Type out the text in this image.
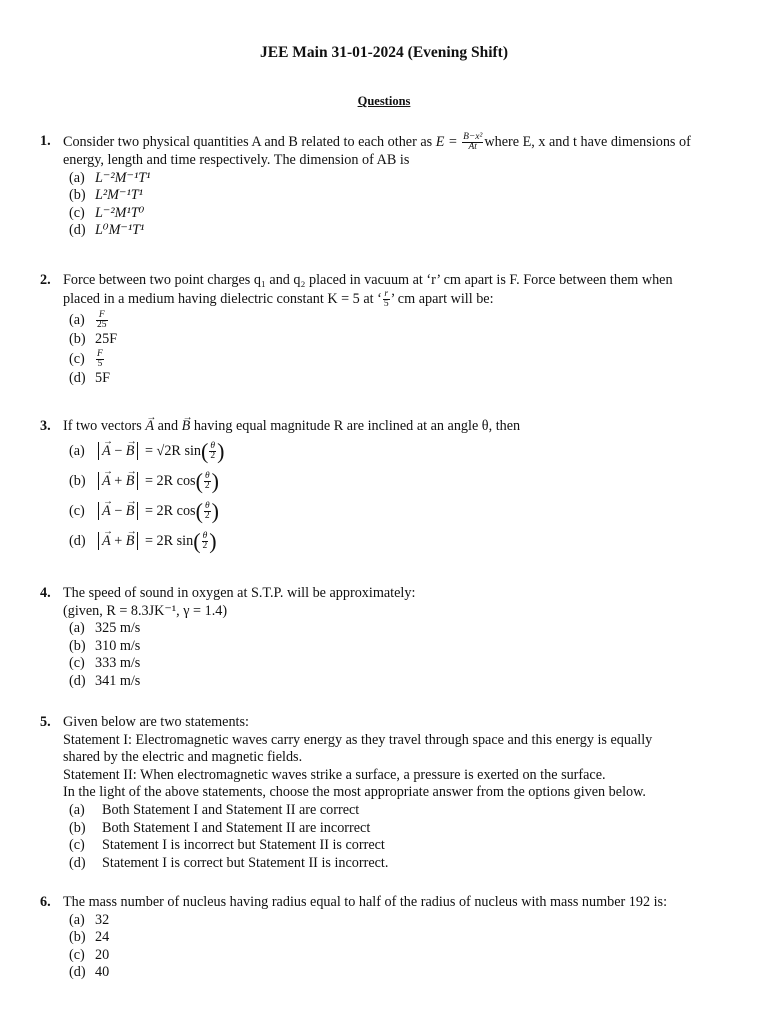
JEE Main 31-01-2024 (Evening Shift)
Questions
1. Consider two physical quantities A and B related to each other as $E = \frac{\text{B−x²}}{At}$ where E, x and t have dimensions of energy, length and time respectively. The dimension of AB is
(a) L⁻²M⁻¹T¹
(b) L²M⁻¹T¹
(c) L⁻²M¹T⁰
(d) L⁰M⁻¹T¹
2. Force between two point charges q₁ and q₂ placed in vacuum at ‘r’ cm apart is F. Force between them when
placed in a medium having dielectric constant K = 5 at ‘ $\frac{r}{5}$ ’ cm apart will be:
$(a) \frac{F}{25}$
(b) 25F
$(c) \frac{F}{5}$
(d) 5F
3. If two vectors → A and → B having equal magnitude R are inclined at an angle θ, then
(a) → A − → B = √2R $\sin( \frac{\theta}{2}$ )
(b) → A + → B = 2R $\cos( \frac{\theta}{2}$ )
(c) → A − → B = 2R $\cos( \frac{\theta}{2}$ )
(d) → A + → B = 2R $\sin( \frac{\theta}{2}$ )
4. The speed of sound in oxygen at S.T.P. will be approximately:
(given, R = 8.3JK⁻¹, γ = 1.4)
(a) 325 m/s
(b) 310 m/s
(c) 333 m/s
(d) 341 m/s
5. Given below are two statements:
Statement I: Electromagnetic waves carry energy as they travel through space and this energy is equally
shared by the electric and magnetic fields.
Statement II: When electromagnetic waves strike a surface, a pressure is exerted on the surface.
In the light of the above statements, choose the most appropriate answer from the options given below.
(a) Both Statement I and Statement II are correct
(b) Both Statement I and Statement II are incorrect
(c) Statement I is incorrect but Statement II is correct
(d) Statement I is correct but Statement II is incorrect.
6. The mass number of nucleus having radius equal to half of the radius of nucleus with mass number 192 is:
(a) 32
(b) 24
(c) 20
(d) 40
